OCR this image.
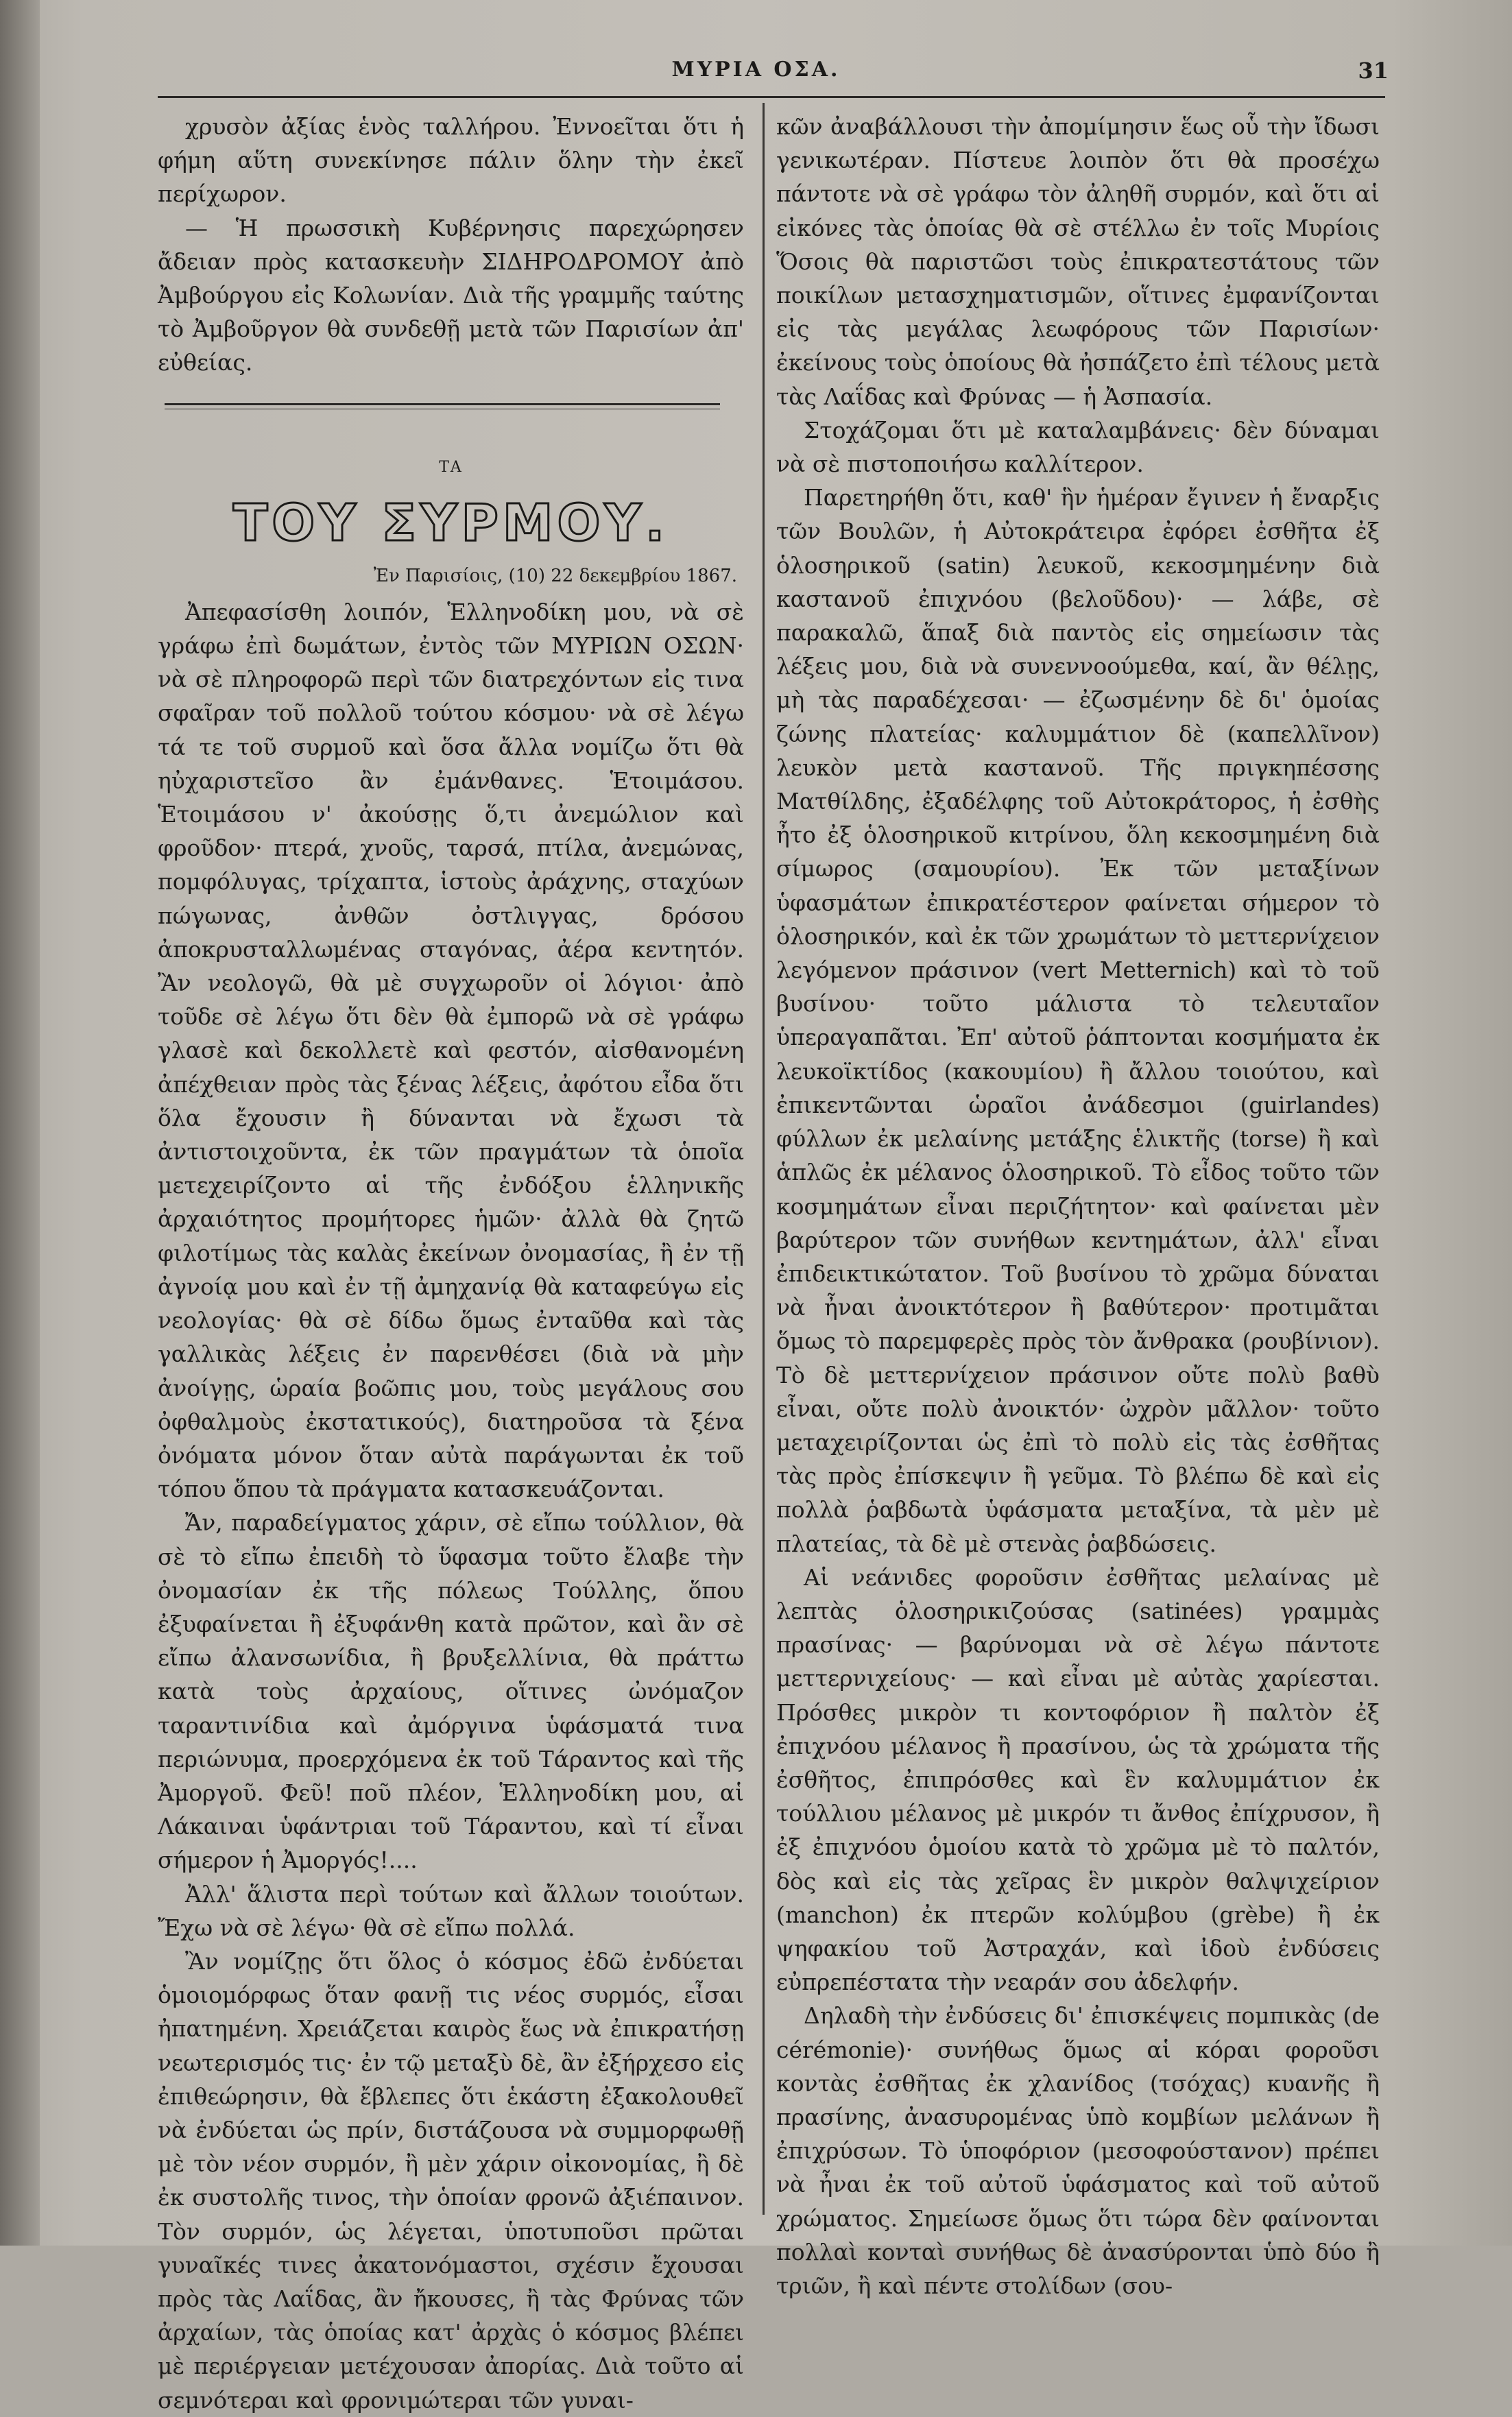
ΜΥΡΙΑ ΟΣΑ.	31

χρυσὸν ἀξίας ἑνὸς ταλλήρου. Ἐννοεῖται ὅτι ἡ φήμη αὕτη συνεκίνησε πάλιν ὅλην τὴν ἐκεῖ περίχωρον.

— Ἡ πρωσσικὴ Κυβέρνησις παρεχώρησεν ἄδειαν πρὸς κατασκευὴν ΣΙΔΗΡΟΔΡΟΜΟΥ ἀπὸ Ἀμβούργου εἰς Κολωνίαν. Διὰ τῆς γραμμῆς ταύτης τὸ Ἀμβοῦργον θὰ συνδεθῇ μετὰ τῶν Παρισίων ἀπ' εὐθείας.

ΤΑ
ΤΟΥ ΣΥΡΜΟΥ.
Ἐν Παρισίοις, (10) 22 δεκεμβρίου 1867.

Ἀπεφασίσθη λοιπόν, Ἑλληνοδίκη μου, νὰ σὲ γράφω ἐπὶ δωμάτων, ἐντὸς τῶν ΜΥΡΙΩΝ ΟΣΩΝ· νὰ σὲ πληροφορῶ περὶ τῶν διατρεχόντων εἰς τινα σφαῖραν τοῦ πολλοῦ τούτου κόσμου· νὰ σὲ λέγω τά τε τοῦ συρμοῦ καὶ ὅσα ἄλλα νομίζω ὅτι θὰ ηὐχαριστεῖσο ἂν ἐμάνθανες. Ἑτοιμάσου. Ἑτοιμάσου ν' ἀκούσῃς ὅ,τι ἀνεμώλιον καὶ φροῦδον· πτερά, χνοῦς, ταρσά, πτίλα, ἀνεμώνας, πομφόλυγας, τρίχαπτα, ἱστοὺς ἀράχνης, σταχύων πώγωνας, ἀνθῶν ὀστλιγγας, δρόσου ἀποκρυσταλλωμένας σταγόνας, ἀέρα κεντητόν. Ἂν νεολογῶ, θὰ μὲ συγχωροῦν οἱ λόγιοι· ἀπὸ τοῦδε σὲ λέγω ὅτι δὲν θὰ ἐμπορῶ νὰ σὲ γράφω γλασὲ καὶ δεκολλετὲ καὶ φεστόν, αἰσθανομένη ἀπέχθειαν πρὸς τὰς ξένας λέξεις, ἀφότου εἶδα ὅτι ὅλα ἔχουσιν ἢ δύνανται νὰ ἔχωσι τὰ ἀντιστοιχοῦντα, ἐκ τῶν πραγμάτων τὰ ὁποῖα μετεχειρίζοντο αἱ τῆς ἐνδόξου ἑλληνικῆς ἀρχαιότητος προμήτορες ἡμῶν· ἀλλὰ θὰ ζητῶ φιλοτίμως τὰς καλὰς ἐκείνων ὀνομασίας, ἢ ἐν τῇ ἀγνοίᾳ μου καὶ ἐν τῇ ἀμηχανίᾳ θὰ καταφεύγω εἰς νεολογίας· θὰ σὲ δίδω ὅμως ἐνταῦθα καὶ τὰς γαλλικὰς λέξεις ἐν παρενθέσει (διὰ νὰ μὴν ἀνοίγῃς, ὡραία βοῶπις μου, τοὺς μεγάλους σου ὀφθαλμοὺς ἐκστατικούς), διατηροῦσα τὰ ξένα ὀνόματα μόνον ὅταν αὐτὰ παράγωνται ἐκ τοῦ τόπου ὅπου τὰ πράγματα κατασκευάζονται.

Ἄν, παραδείγματος χάριν, σὲ εἴπω τούλλιον, θὰ σὲ τὸ εἴπω ἐπειδὴ τὸ ὕφασμα τοῦτο ἔλαβε τὴν ὀνομασίαν ἐκ τῆς πόλεως Τούλλης, ὅπου ἐξυφαίνεται ἢ ἐξυφάνθη κατὰ πρῶτον, καὶ ἂν σὲ εἴπω ἀλανσωνίδια, ἢ βρυξελλίνια, θὰ πράττω κατὰ τοὺς ἀρχαίους, οἵτινες ὠνόμαζον ταραντινίδια καὶ ἀμόργινα ὑφάσματά τινα περιώνυμα, προερχόμενα ἐκ τοῦ Τάραντος καὶ τῆς Ἀμοργοῦ. Φεῦ! ποῦ πλέον, Ἑλληνοδίκη μου, αἱ Λάκαιναι ὑφάντριαι τοῦ Τάραντου, καὶ τί εἶναι σήμερον ἡ Ἀμοργός!....

Ἀλλ' ἅλιστα περὶ τούτων καὶ ἄλλων τοιούτων. Ἔχω νὰ σὲ λέγω· θὰ σὲ εἴπω πολλά.

Ἂν νομίζῃς ὅτι ὅλος ὁ κόσμος ἐδῶ ἐνδύεται ὁμοιομόρφως ὅταν φανῇ τις νέος συρμός, εἶσαι ἠπατημένη. Χρειάζεται καιρὸς ἕως νὰ ἐπικρατήσῃ νεωτερισμός τις· ἐν τῷ μεταξὺ δὲ, ἂν ἐξήρχεσο εἰς ἐπιθεώρησιν, θὰ ἔβλεπες ὅτι ἑκάστη ἐξακολουθεῖ νὰ ἐνδύεται ὡς πρίν, διστάζουσα νὰ συμμορφωθῇ μὲ τὸν νέον συρμόν, ἢ μὲν χάριν οἰκονομίας, ἢ δὲ ἐκ συστολῆς τινος, τὴν ὁποίαν φρονῶ ἀξιέπαινον. Τὸν συρμόν, ὡς λέγεται, ὑποτυποῦσι πρῶται γυναῖκές τινες ἀκατονόμαστοι, σχέσιν ἔχουσαι πρὸς τὰς Λαΐδας, ἂν ἤκουσες, ἢ τὰς Φρύνας τῶν ἀρχαίων, τὰς ὁποίας κατ' ἀρχὰς ὁ κόσμος βλέπει μὲ περιέργειαν μετέχουσαν ἀπορίας. Διὰ τοῦτο αἱ σεμνότεραι καὶ φρονιμώτεραι τῶν γυναι-

κῶν ἀναβάλλουσι τὴν ἀπομίμησιν ἕως οὗ τὴν ἴδωσι γενικωτέραν. Πίστευε λοιπὸν ὅτι θὰ προσέχω πάντοτε νὰ σὲ γράφω τὸν ἀληθῆ συρμόν, καὶ ὅτι αἱ εἰκόνες τὰς ὁποίας θὰ σὲ στέλλω ἐν τοῖς Μυρίοις Ὅσοις θὰ παριστῶσι τοὺς ἐπικρατεστάτους τῶν ποικίλων μετασχηματισμῶν, οἵτινες ἐμφανίζονται εἰς τὰς μεγάλας λεωφόρους τῶν Παρισίων· ἐκείνους τοὺς ὁποίους θὰ ἠσπάζετο ἐπὶ τέλους μετὰ τὰς Λαΐδας καὶ Φρύνας — ἡ Ἀσπασία.

Στοχάζομαι ὅτι μὲ καταλαμβάνεις· δὲν δύναμαι νὰ σὲ πιστοποιήσω καλλίτερον.

Παρετηρήθη ὅτι, καθ' ἣν ἡμέραν ἔγινεν ἡ ἔναρξις τῶν Βουλῶν, ἡ Αὐτοκράτειρα ἐφόρει ἐσθῆτα ἐξ ὁλοσηρικοῦ (satin) λευκοῦ, κεκοσμημένην διὰ καστανοῦ ἐπιχνόου (βελοῦδου)· — λάβε, σὲ παρακαλῶ, ἅπαξ διὰ παντὸς εἰς σημείωσιν τὰς λέξεις μου, διὰ νὰ συνεννοούμεθα, καί, ἂν θέλῃς, μὴ τὰς παραδέχεσαι· — ἐζωσμένην δὲ δι' ὁμοίας ζώνης πλατείας· καλυμμάτιον δὲ (καπελλῖνον) λευκὸν μετὰ καστανοῦ. Τῆς πριγκηπέσσης Ματθίλδης, ἐξαδέλφης τοῦ Αὐτοκράτορος, ἡ ἐσθὴς ἦτο ἐξ ὁλοσηρικοῦ κιτρίνου, ὅλη κεκοσμημένη διὰ σίμωρος (σαμουρίου). Ἐκ τῶν μεταξίνων ὑφασμάτων ἐπικρατέστερον φαίνεται σήμερον τὸ ὁλοσηρικόν, καὶ ἐκ τῶν χρωμάτων τὸ μεττερνίχειον λεγόμενον πράσινον (vert Metternich) καὶ τὸ τοῦ βυσίνου· τοῦτο μάλιστα τὸ τελευταῖον ὑπεραγαπᾶται. Ἐπ' αὐτοῦ ῥάπτονται κοσμήματα ἐκ λευκοϊκτίδος (κακουμίου) ἢ ἄλλου τοιούτου, καὶ ἐπικεντῶνται ὡραῖοι ἀνάδεσμοι (guirlandes) φύλλων ἐκ μελαίνης μετάξης ἑλικτῆς (torse) ἢ καὶ ἁπλῶς ἐκ μέλανος ὁλοσηρικοῦ. Τὸ εἶδος τοῦτο τῶν κοσμημάτων εἶναι περιζήτητον· καὶ φαίνεται μὲν βαρύτερον τῶν συνήθων κεντημάτων, ἀλλ' εἶναι ἐπιδεικτικώτατον. Τοῦ βυσίνου τὸ χρῶμα δύναται νὰ ἦναι ἀνοικτότερον ἢ βαθύτερον· προτιμᾶται ὅμως τὸ παρεμφερὲς πρὸς τὸν ἄνθρακα (ρουβίνιον). Τὸ δὲ μεττερνίχειον πράσινον οὔτε πολὺ βαθὺ εἶναι, οὔτε πολὺ ἀνοικτόν· ὠχρὸν μᾶλλον· τοῦτο μεταχειρίζονται ὡς ἐπὶ τὸ πολὺ εἰς τὰς ἐσθῆτας τὰς πρὸς ἐπίσκεψιν ἢ γεῦμα. Τὸ βλέπω δὲ καὶ εἰς πολλὰ ῥαβδωτὰ ὑφάσματα μεταξίνα, τὰ μὲν μὲ πλατείας, τὰ δὲ μὲ στενὰς ῥαβδώσεις.

Αἱ νεάνιδες φοροῦσιν ἐσθῆτας μελαίνας μὲ λεπτὰς ὁλοσηρικιζούσας (satinées) γραμμὰς πρασίνας· — βαρύνομαι νὰ σὲ λέγω πάντοτε μεττερνιχείους· — καὶ εἶναι μὲ αὐτὰς χαρίεσται. Πρόσθες μικρὸν τι κοντοφόριον ἢ παλτὸν ἐξ ἐπιχνόου μέλανος ἢ πρασίνου, ὡς τὰ χρώματα τῆς ἐσθῆτος, ἐπιπρόσθες καὶ ἓν καλυμμάτιον ἐκ τούλλιου μέλανος μὲ μικρόν τι ἄνθος ἐπίχρυσον, ἢ ἐξ ἐπιχνόου ὁμοίου κατὰ τὸ χρῶμα μὲ τὸ παλτόν, δὸς καὶ εἰς τὰς χεῖρας ἓν μικρὸν θαλψιχείριον (manchon) ἐκ πτερῶν κολύμβου (grèbe) ἢ ἐκ ψηφακίου τοῦ Ἀστραχάν, καὶ ἰδοὺ ἐνδύσεις εὐπρεπέστατα τὴν νεαράν σου ἀδελφήν.

Δηλαδὴ τὴν ἐνδύσεις δι' ἐπισκέψεις πομπικὰς (de cérémonie)· συνήθως ὅμως αἱ κόραι φοροῦσι κοντὰς ἐσθῆτας ἐκ χλανίδος (τσόχας) κυανῆς ἢ πρασίνης, ἀνασυρομένας ὑπὸ κομβίων μελάνων ἢ ἐπιχρύσων. Τὸ ὑποφόριον (μεσοφούστανον) πρέπει νὰ ἦναι ἐκ τοῦ αὐτοῦ ὑφάσματος καὶ τοῦ αὐτοῦ χρώματος. Σημείωσε ὅμως ὅτι τώρα δὲν φαίνονται πολλαὶ κονταὶ συνήθως δὲ ἀνασύρονται ὑπὸ δύο ἢ τριῶν, ἢ καὶ πέντε στολίδων (σου-
